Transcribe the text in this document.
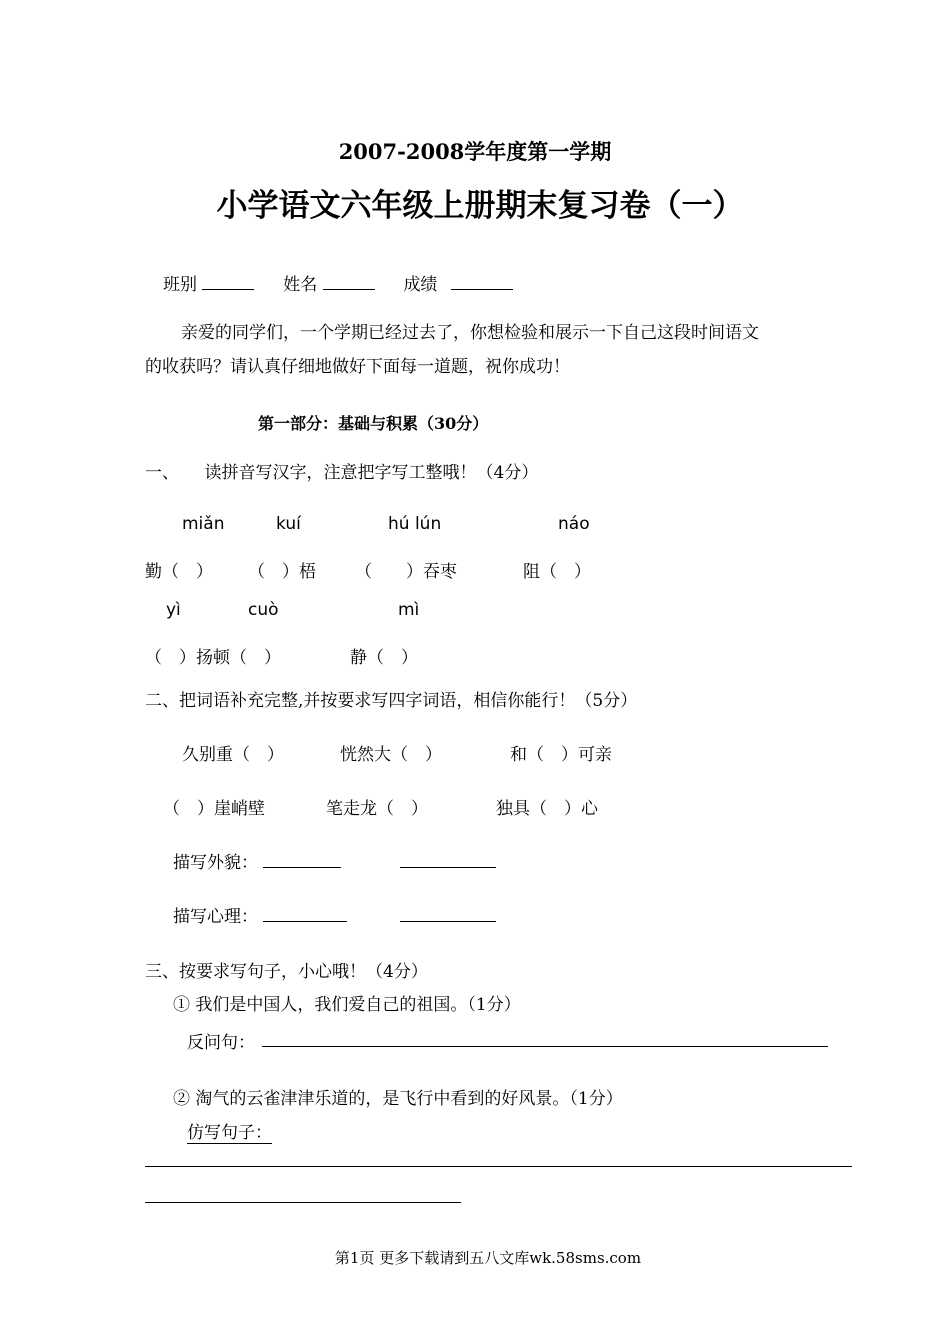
2007-2008学年度第一学期
小学语文六年级上册期末复习卷（一）
班别	姓名	成绩
亲爱的同学们，一个学期已经过去了，你想检验和展示一下自己这段时间语文
的收获吗？请认真仔细地做好下面每一道题，祝你成功！
第一部分：基础与积累（30分）
一、　　读拼音写汉字，注意把字写工整哦！（4分）
miǎn	kuí	hú lún	náo
勤（　） （　）梧 （　　）吞枣	阻（　）
yì	cuò	mì
（　）扬顿（　）	静（　）
二、把词语补充完整,并按要求写四字词语，相信你能行！（5分）
久别重（　）	恍然大（　）	和（　）可亲
（　）崖峭壁	笔走龙（　）	独具（　）心
描写外貌：
描写心理：
三、按要求写句子，小心哦！（4分）
① 我们是中国人，我们爱自己的祖国。（1分）
反问句：
② 淘气的云雀津津乐道的，是飞行中看到的好风景。（1分）
仿写句子：
第1页 更多下载请到五八文库wk.58sms.com
